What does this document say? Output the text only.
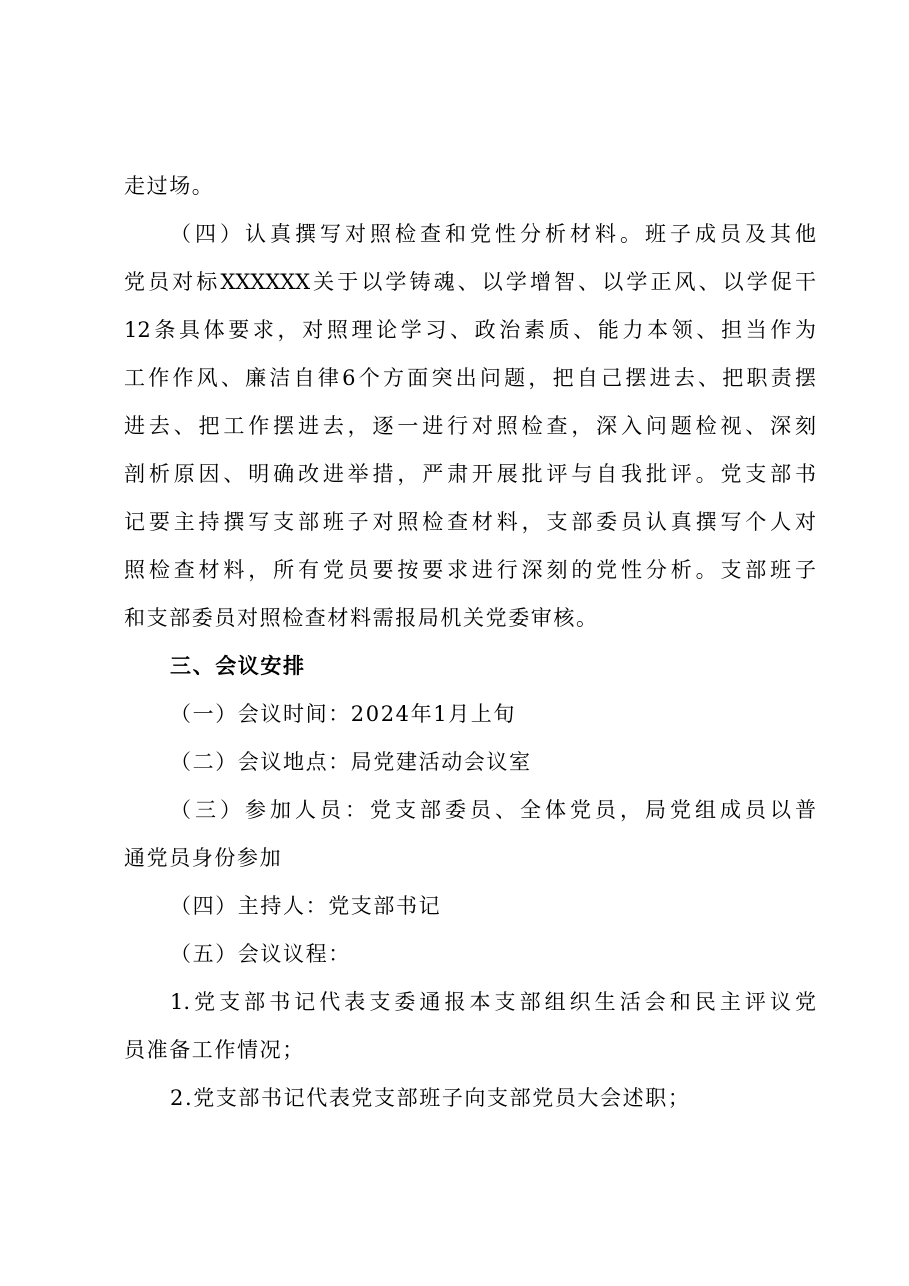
走过场。
（四）认真撰写对照检查和党性分析材料。班子成员及其他
党员对标XXXXXX关于以学铸魂、以学增智、以学正风、以学促干
12条具体要求，对照理论学习、政治素质、能力本领、担当作为
工作作风、廉洁自律6个方面突出问题，把自己摆进去、把职责摆
进去、把工作摆进去，逐一进行对照检查，深入问题检视、深刻
剖析原因、明确改进举措，严肃开展批评与自我批评。党支部书
记要主持撰写支部班子对照检查材料，支部委员认真撰写个人对
照检查材料，所有党员要按要求进行深刻的党性分析。支部班子
和支部委员对照检查材料需报局机关党委审核。
三、会议安排
（一）会议时间：2024年1月上旬
（二）会议地点：局党建活动会议室
（三）参加人员：党支部委员、全体党员，局党组成员以普
通党员身份参加
（四）主持人：党支部书记
（五）会议议程：
1.党支部书记代表支委通报本支部组织生活会和民主评议党
员准备工作情况；
2.党支部书记代表党支部班子向支部党员大会述职；
